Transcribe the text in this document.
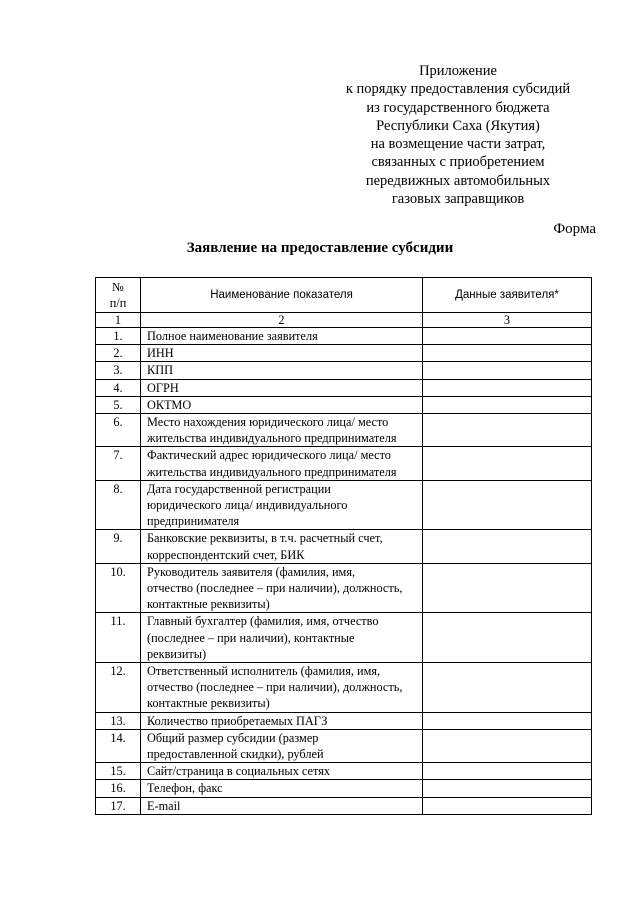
Приложение
к порядку предоставления субсидий
из государственного бюджета
Республики Саха (Якутия)
на возмещение части затрат,
связанных с приобретением
передвижных автомобильных
газовых заправщиков
Форма
Заявление на предоставление субсидии
№
п/п	Наименование показателя	Данные заявителя*
1	2	3
1.	Полное наименование заявителя	

2.	ИНН	

3.	КПП	

4.	ОГРН	

5.	ОКТМО	

6.	Место нахождения юридического лица/ место
жительства индивидуального предпринимателя	

7.	Фактический адрес юридического лица/ место
жительства индивидуального предпринимателя	

8.	Дата государственной регистрации
юридического лица/ индивидуального
предпринимателя	

9.	Банковские реквизиты, в т.ч. расчетный счет,
корреспондентский счет, БИК	

10.	Руководитель заявителя (фамилия, имя,
отчество (последнее – при наличии), должность,
контактные реквизиты)	

11.	Главный бухгалтер (фамилия, имя, отчество
(последнее – при наличии), контактные
реквизиты)	

12.	Ответственный исполнитель (фамилия, имя,
отчество (последнее – при наличии), должность,
контактные реквизиты)	

13.	Количество приобретаемых ПАГЗ	

14.	Общий размер субсидии (размер
предоставленной скидки), рублей	

15.	Сайт/страница в социальных сетях	

16.	Телефон, факс	

17.	E-mail	
